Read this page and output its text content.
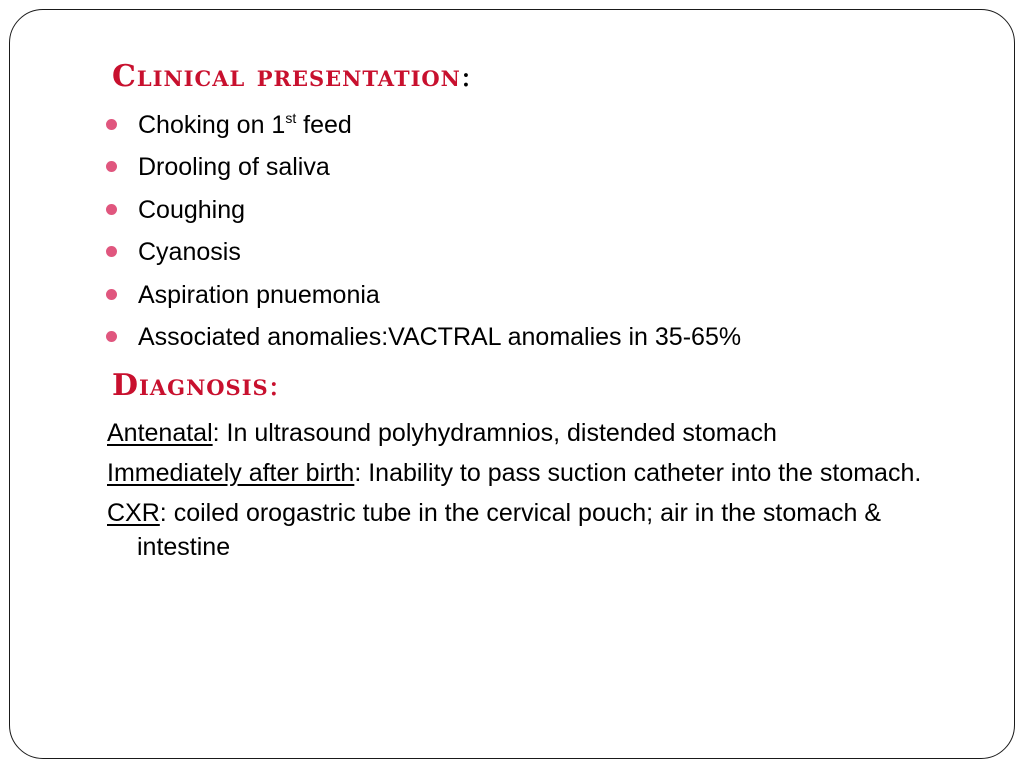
Clinical presentation:
Choking on 1st feed
Drooling of saliva
Coughing
Cyanosis
Aspiration pnuemonia
Associated anomalies:VACTRAL anomalies in 35-65%
Diagnosis:

Antenatal: In ultrasound polyhydramnios, distended stomach

Immediately after birth: Inability to pass suction catheter into the stomach.

CXR: coiled orogastric tube in the cervical pouch; air in the stomach & intestine
